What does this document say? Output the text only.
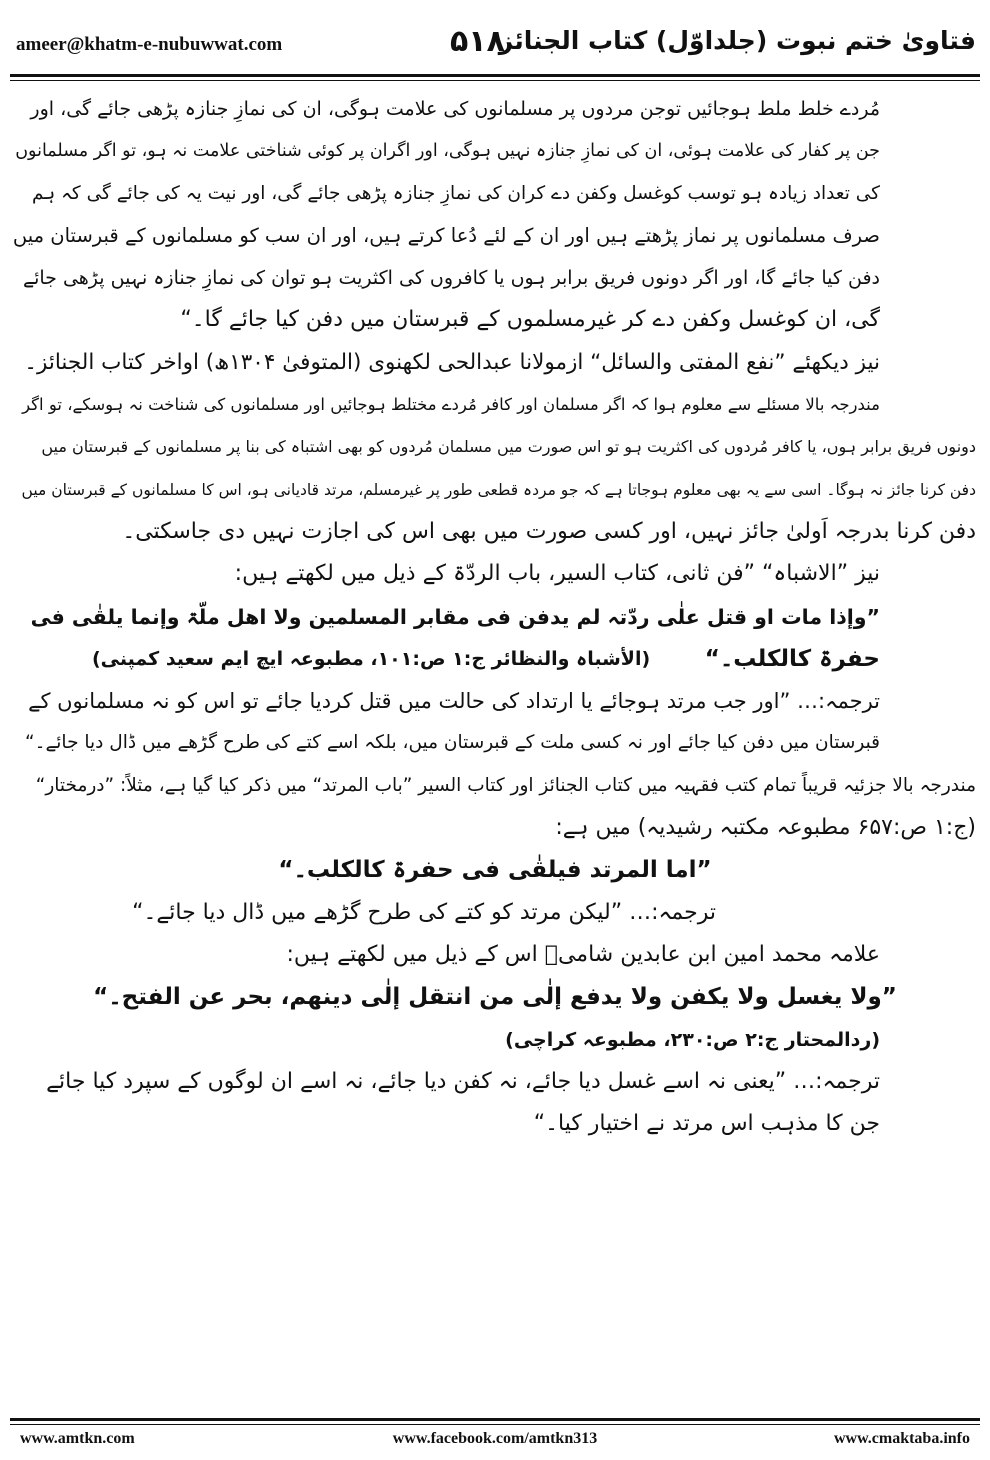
ameer@khatm-e-nubuwwat.com	۵۱۸
فتاویٰ ختم نبوت (جلداوّل) کتاب الجنائز
مُردے خلط ملط ہوجائیں توجن مردوں پر مسلمانوں کی علامت ہوگی، ان کی نمازِ جنازہ پڑھی جائے گی، اور
جن پر کفار کی علامت ہوئی، ان کی نمازِ جنازہ نہیں ہوگی، اور اگران پر کوئی شناختی علامت نہ ہو، تو اگر مسلمانوں
کی تعداد زیادہ ہو توسب کوغسل وکفن دے کران کی نمازِ جنازہ پڑھی جائے گی، اور نیت یہ کی جائے گی کہ ہم
صرف مسلمانوں پر نماز پڑھتے ہیں اور ان کے لئے دُعا کرتے ہیں، اور ان سب کو مسلمانوں کے قبرستان میں
دفن کیا جائے گا، اور اگر دونوں فریق برابر ہوں یا کافروں کی اکثریت ہو توان کی نمازِ جنازہ نہیں پڑھی جائے
گی، ان کوغسل وکفن دے کر غیرمسلموں کے قبرستان میں دفن کیا جائے گا۔“
نیز دیکھئے ”نفع المفتی والسائل“ ازمولانا عبدالحی لکھنوی (المتوفیٰ ۱۳۰۴ھ) اواخر کتاب الجنائز۔
مندرجہ بالا مسئلے سے معلوم ہوا کہ اگر مسلمان اور کافر مُردے مختلط ہوجائیں اور مسلمانوں کی شناخت نہ ہوسکے، تو اگر
دونوں فریق برابر ہوں، یا کافر مُردوں کی اکثریت ہو تو اس صورت میں مسلمان مُردوں کو بھی اشتباہ کی بنا پر مسلمانوں کے قبرستان میں
دفن کرنا جائز نہ ہوگا۔ اسی سے یہ بھی معلوم ہوجاتا ہے کہ جو مردہ قطعی طور پر غیرمسلم، مرتد قادیانی ہو، اس کا مسلمانوں کے قبرستان میں
دفن کرنا بدرجہ اَولیٰ جائز نہیں، اور کسی صورت میں بھی اس کی اجازت نہیں دی جاسکتی۔
نیز ”الاشباہ“ ”فن ثانی، کتاب السیر، باب الردّۃ کے ذیل میں لکھتے ہیں:
”وإذا مات او قتل علٰی ردّتہ لم یدفن فی مقابر المسلمین ولا اھل ملّۃ وإنما یلقٰی فی
حفرۃ کالکلب۔“
(الأشباہ والنظائر ج:۱ ص:۱۰۱، مطبوعہ ایچ ایم سعید کمپنی)
ترجمہ:… ”اور جب مرتد ہوجائے یا ارتداد کی حالت میں قتل کردیا جائے تو اس کو نہ مسلمانوں کے
قبرستان میں دفن کیا جائے اور نہ کسی ملت کے قبرستان میں، بلکہ اسے کتے کی طرح گڑھے میں ڈال دیا جائے۔“
مندرجہ بالا جزئیہ قریباً تمام کتب فقہیہ میں کتاب الجنائز اور کتاب السیر ”باب المرتد“ میں ذکر کیا گیا ہے، مثلاً: ”درمختار“
(ج:۱ ص:۶۵۷ مطبوعہ مکتبہ رشیدیہ) میں ہے:
”اما المرتد فیلقٰی فی حفرۃ کالکلب۔“
ترجمہ:… ”لیکن مرتد کو کتے کی طرح گڑھے میں ڈال دیا جائے۔“
علامہ محمد امین ابن عابدین شامیؒ اس کے ذیل میں لکھتے ہیں:
”ولا یغسل ولا یکفن ولا یدفع إلٰی من انتقل إلٰی دینھم، بحر عن الفتح۔“
(ردالمحتار ج:۲ ص:۲۳۰، مطبوعہ کراچی)
ترجمہ:… ”یعنی نہ اسے غسل دیا جائے، نہ کفن دیا جائے، نہ اسے ان لوگوں کے سپرد کیا جائے
جن کا مذہب اس مرتد نے اختیار کیا۔“
www.amtkn.com	www.facebook.com/amtkn313	www.cmaktaba.info
